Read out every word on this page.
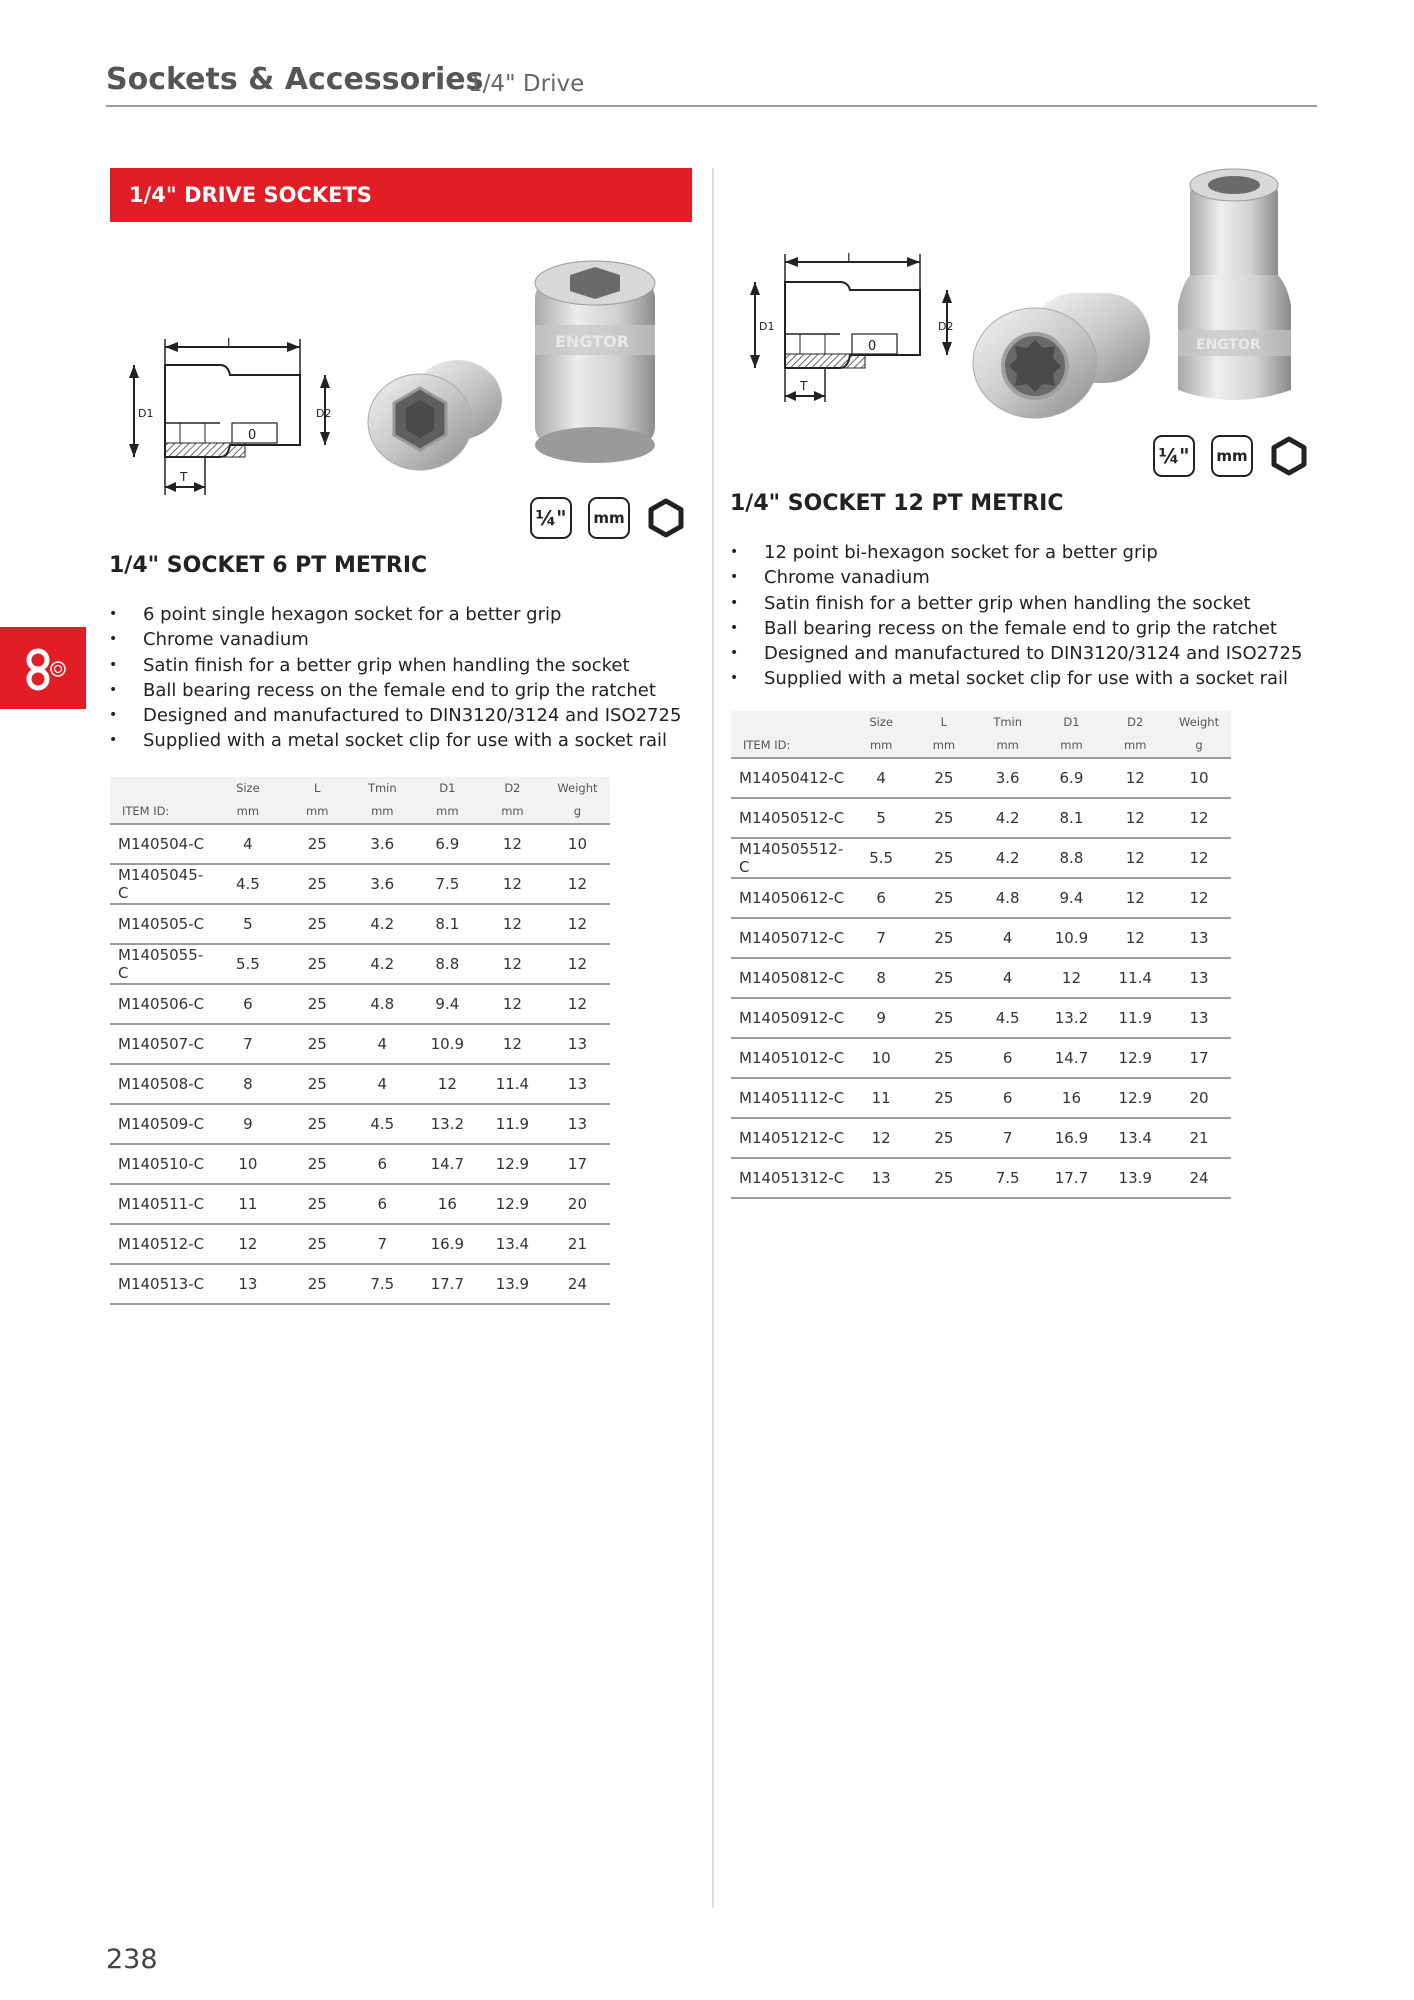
Sockets & Accessories
1/4" Drive
1/4" DRIVE SOCKETS
L
0
D1	D2
T
ENGTOR
¼"	mm
1/4" SOCKET 6 PT METRIC
• 6 point single hexagon socket for a better grip
• Chrome vanadium
• Satin finish for a better grip when handling the socket
• Ball bearing recess on the female end to grip the ratchet
• Designed and manufactured to DIN3120/3124 and ISO2725
• Supplied with a metal socket clip for use with a socket rail
	Size	L	Tmin	D1	D2	Weight
ITEM ID:	mm	mm	mm	mm	mm	g
M140504-C	4	25	3.6	6.9	12	10
M1405045-C	4.5	25	3.6	7.5	12	12
M140505-C	5	25	4.2	8.1	12	12
M1405055-C	5.5	25	4.2	8.8	12	12
M140506-C	6	25	4.8	9.4	12	12
M140507-C	7	25	4	10.9	12	13
M140508-C	8	25	4	12	11.4	13
M140509-C	9	25	4.5	13.2	11.9	13
M140510-C	10	25	6	14.7	12.9	17
M140511-C	11	25	6	16	12.9	20
M140512-C	12	25	7	16.9	13.4	21
M140513-C	13	25	7.5	17.7	13.9	24
L
0
D1	D2
T
ENGTOR
¼"	mm
1/4" SOCKET 12 PT METRIC
• 12 point bi-hexagon socket for a better grip
• Chrome vanadium
• Satin finish for a better grip when handling the socket
• Ball bearing recess on the female end to grip the ratchet
• Designed and manufactured to DIN3120/3124 and ISO2725
• Supplied with a metal socket clip for use with a socket rail
	Size	L	Tmin	D1	D2	Weight
ITEM ID:	mm	mm	mm	mm	mm	g
M14050412-C	4	25	3.6	6.9	12	10
M14050512-C	5	25	4.2	8.1	12	12
M140505512-C	5.5	25	4.2	8.8	12	12
M14050612-C	6	25	4.8	9.4	12	12
M14050712-C	7	25	4	10.9	12	13
M14050812-C	8	25	4	12	11.4	13
M14050912-C	9	25	4.5	13.2	11.9	13
M14051012-C	10	25	6	14.7	12.9	17
M14051112-C	11	25	6	16	12.9	20
M14051212-C	12	25	7	16.9	13.4	21
M14051312-C	13	25	7.5	17.7	13.9	24
238
